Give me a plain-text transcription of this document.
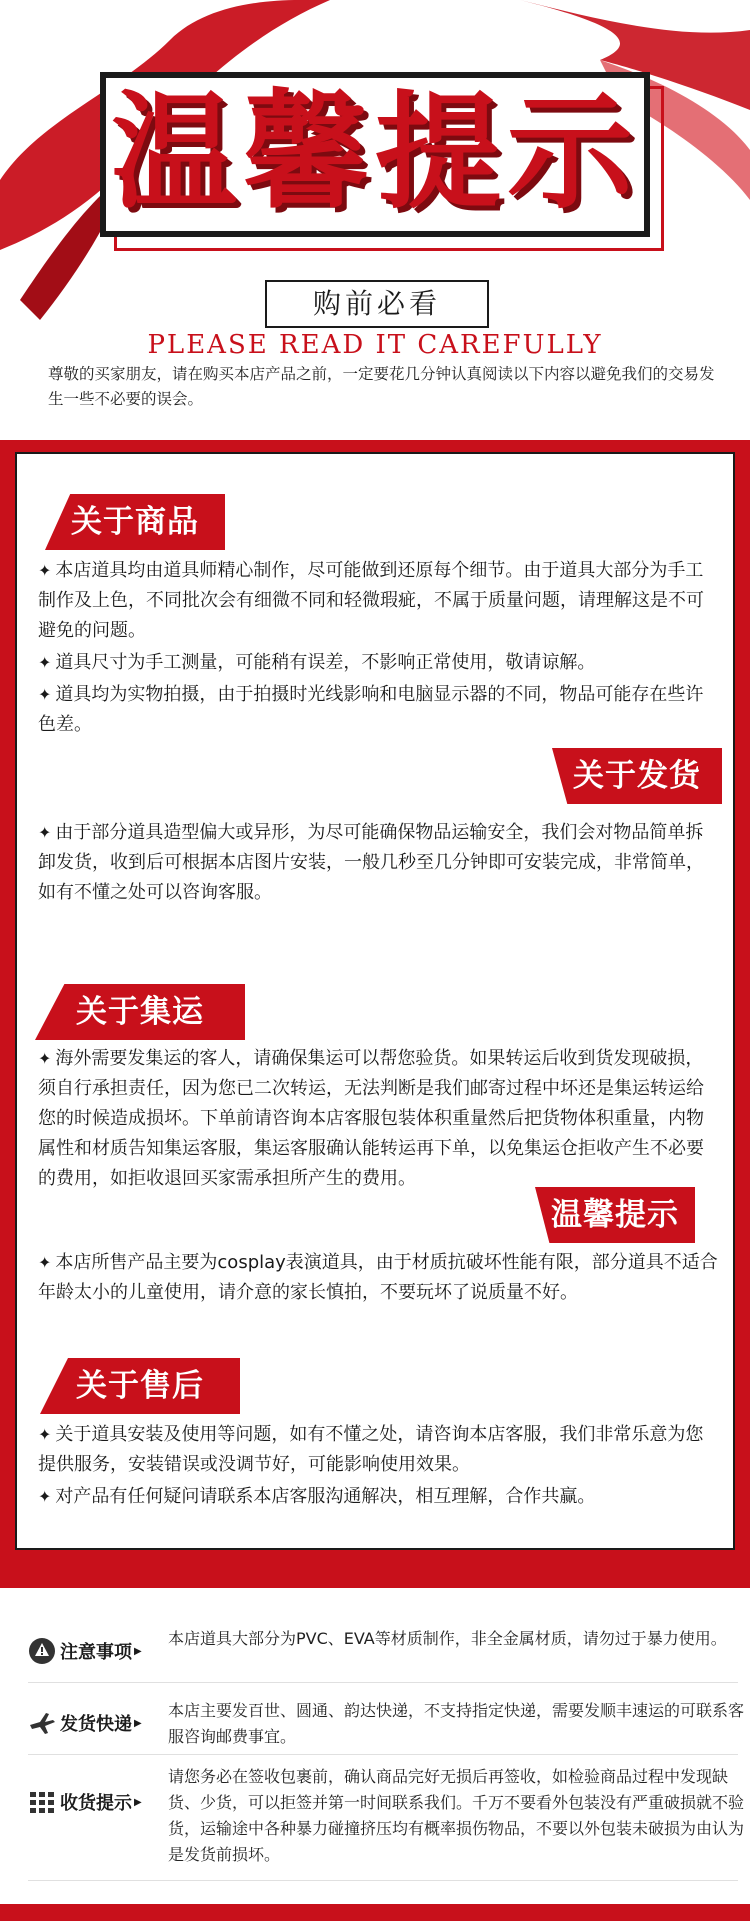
温馨提示
购前必看
PLEASE READ IT CAREFULLY
尊敬的买家朋友，请在购买本店产品之前，一定要花几分钟认真阅读以下内容以避免我们的交易发生一些不必要的误会。
关于商品

✦ 本店道具均由道具师精心制作，尽可能做到还原每个细节。由于道具大部分为手工制作及上色，不同批次会有细微不同和轻微瑕疵，不属于质量问题，请理解这是不可避免的问题。

✦ 道具尺寸为手工测量，可能稍有误差，不影响正常使用，敬请谅解。

✦ 道具均为实物拍摄，由于拍摄时光线影响和电脑显示器的不同，物品可能存在些许色差。

关于发货

✦ 由于部分道具造型偏大或异形，为尽可能确保物品运输安全，我们会对物品简单拆卸发货，收到后可根据本店图片安装，一般几秒至几分钟即可安装完成，非常简单，如有不懂之处可以咨询客服。

关于集运

✦ 海外需要发集运的客人，请确保集运可以帮您验货。如果转运后收到货发现破损，须自行承担责任，因为您已二次转运，无法判断是我们邮寄过程中坏还是集运转运给您的时候造成损坏。下单前请咨询本店客服包装体积重量然后把货物体积重量，内物属性和材质告知集运客服，集运客服确认能转运再下单，以免集运仓拒收产生不必要的费用，如拒收退回买家需承担所产生的费用。

温馨提示

✦ 本店所售产品主要为cosplay表演道具，由于材质抗破坏性能有限，部分道具不适合年龄太小的儿童使用，请介意的家长慎拍，不要玩坏了说质量不好。

关于售后

✦ 关于道具安装及使用等问题，如有不懂之处，请咨询本店客服，我们非常乐意为您提供服务，安装错误或没调节好，可能影响使用效果。

✦ 对产品有任何疑问请联系本店客服沟通解决，相互理解，合作共赢。

注意事项 ▶
本店道具大部分为PVC、EVA等材质制作，非全金属材质，请勿过于暴力使用。
发货快递 ▶
本店主要发百世、圆通、韵达快递，不支持指定快递，需要发顺丰速运的可联系客服咨询邮费事宜。
收货提示 ▶
请您务必在签收包裹前，确认商品完好无损后再签收，如检验商品过程中发现缺货、少货，可以拒签并第一时间联系我们。千万不要看外包装没有严重破损就不验货，运输途中各种暴力碰撞挤压均有概率损伤物品，不要以外包装未破损为由认为是发货前损坏。
